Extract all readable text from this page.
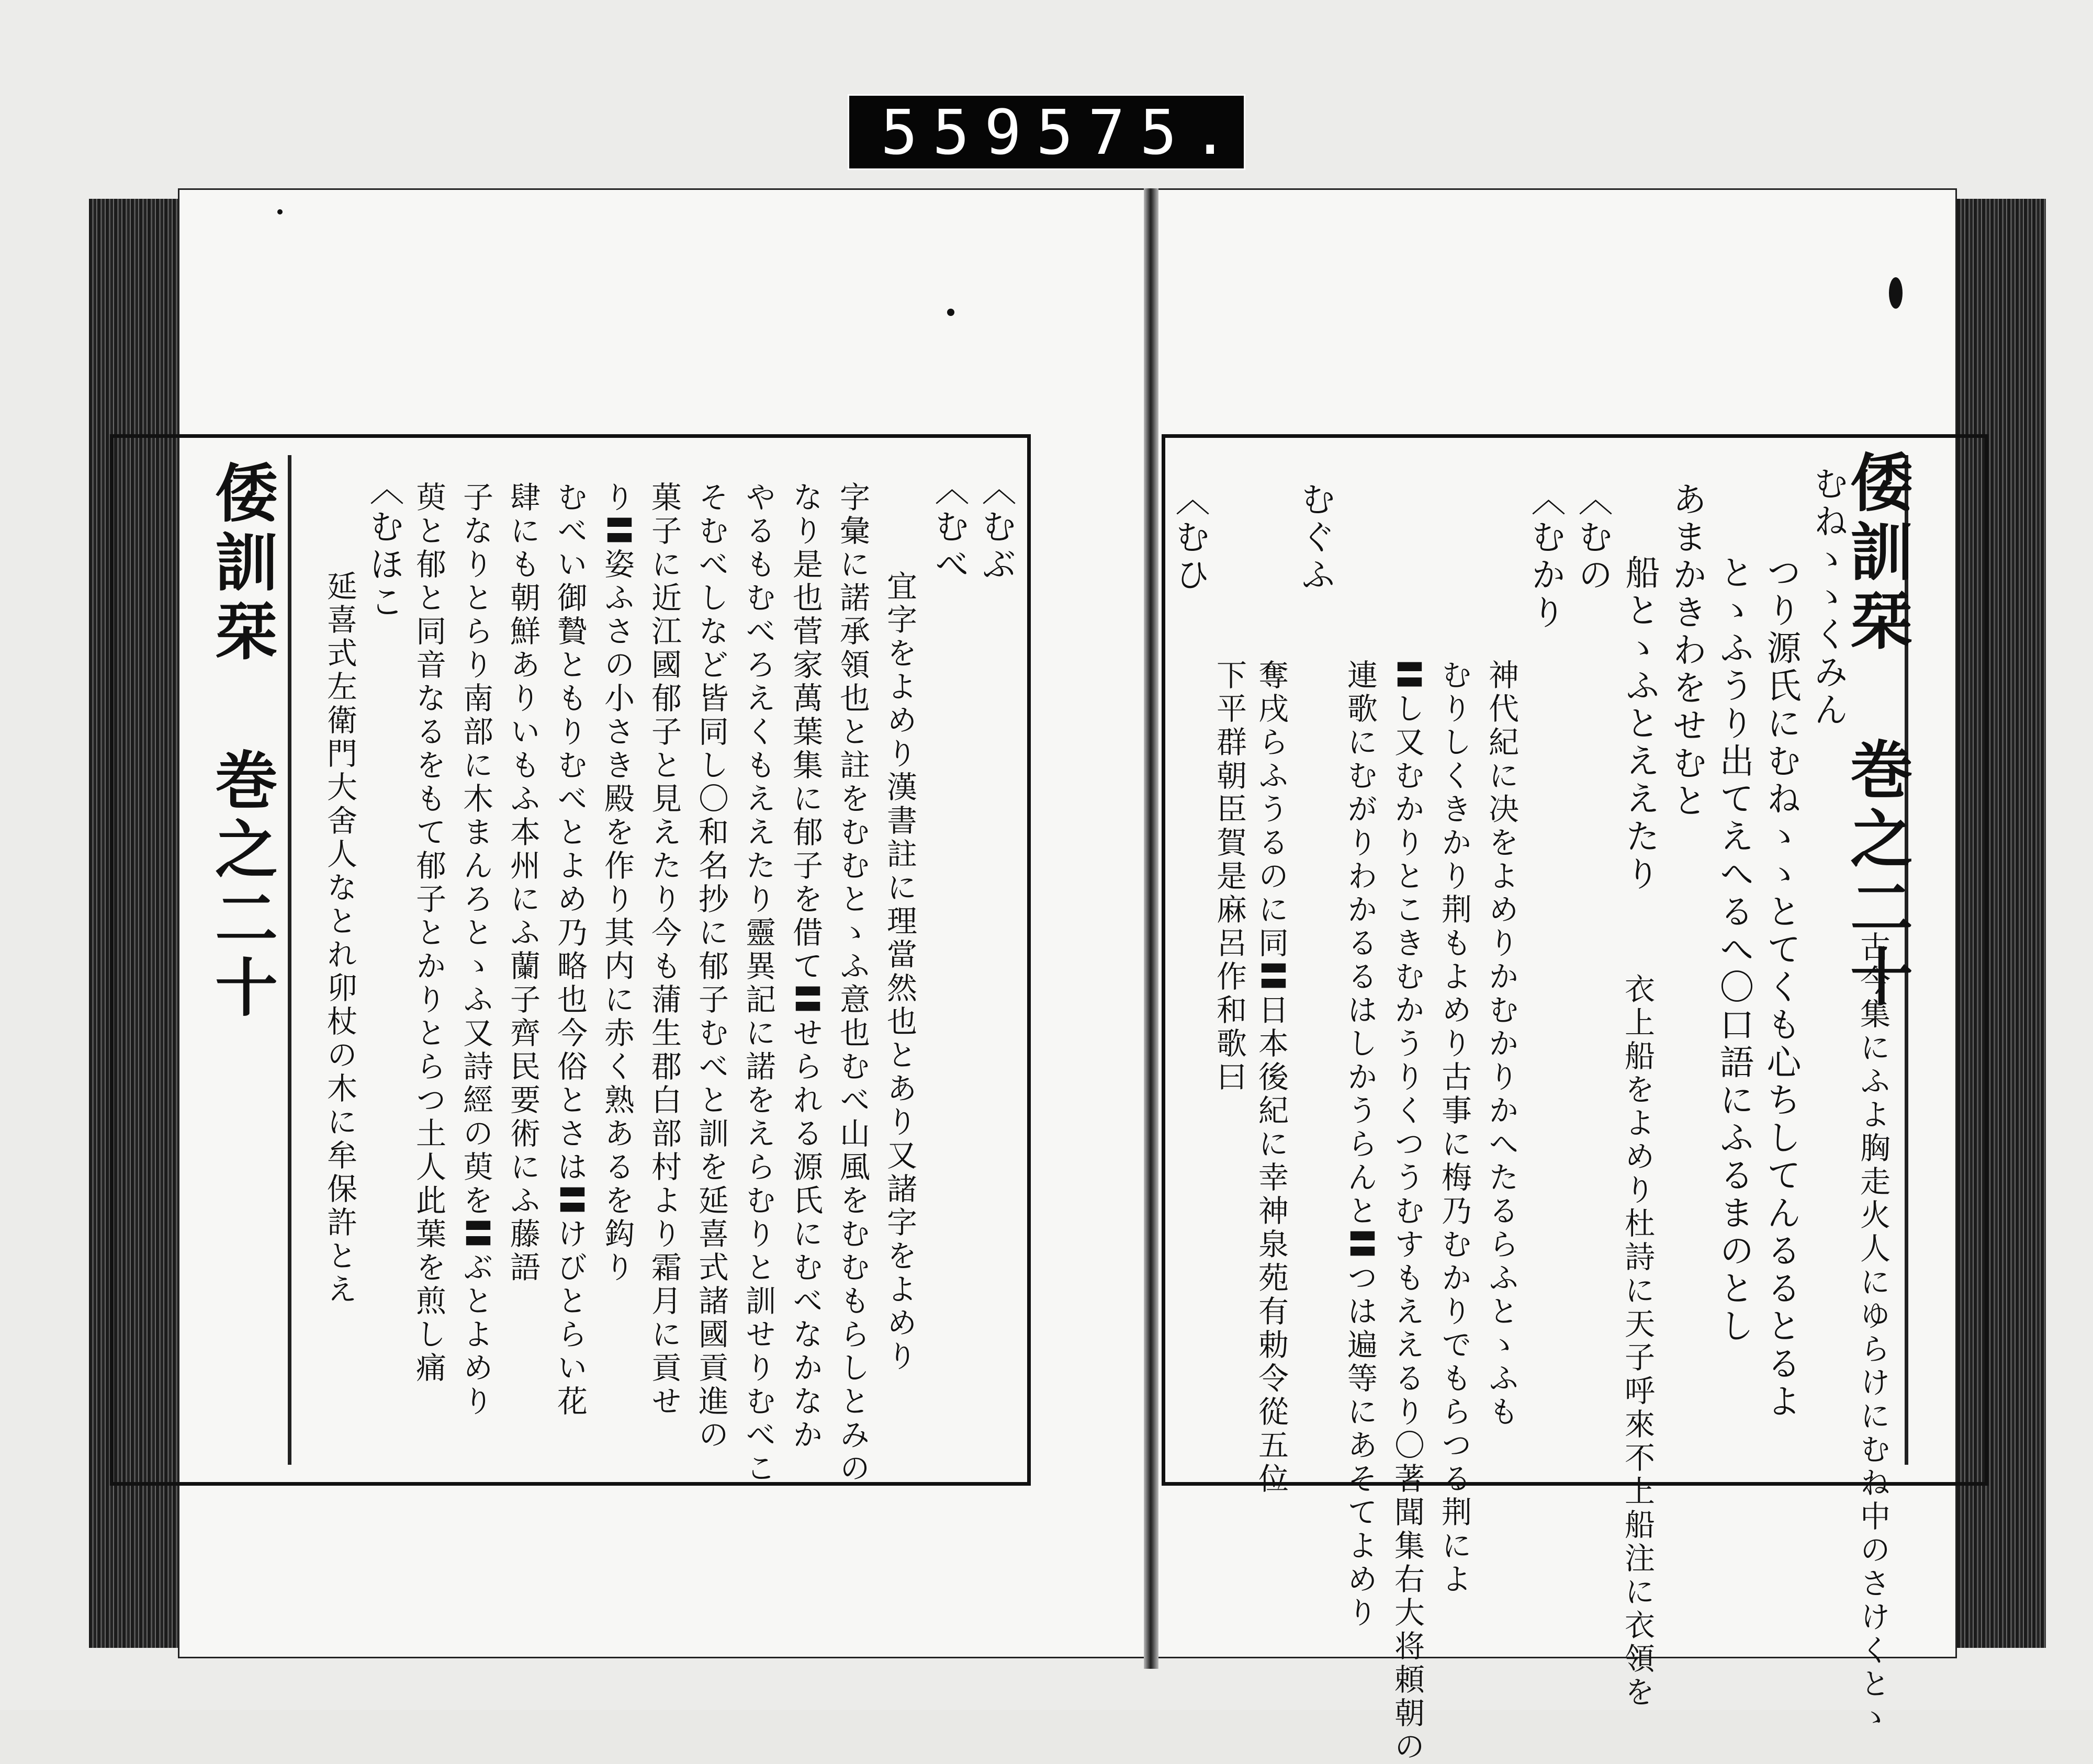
559 575.
倭訓栞 巻之二十
倭訓栞 巻之二十	むねゝゝくみん
つり源氏にむねゝゝとてくも心ちしてんるるとるよ
とゝふうり出てえへるへ〇口語にふるまのとし
あまかきわをせむと
船とゝふとええたり
古今集にふよ胸走火人にゆらけにむね中のさけくとゝ
衣上船をよめり杜詩に天子呼來不上船注に衣領を
〈むの
〈むかり
神代紀に决をよめりかむかりかへたるらふとゝふも
むりしくきかり荆もよめり古事に梅乃むかりでもらつる荆によ
〓し又むかりとこきむかうりくつうむすもええるり〇著聞集右大将頼朝の
連歌にむがりわかるるはしかうらんと〓つは遍等にあそてよめり
むぐふ
奪戌らふうるのに同〓日本後紀に幸神泉苑有勅令從五位
下平群朝臣賀是麻呂作和歌曰
〈むひ
〈むぶ
〈むべ
宜字をよめり漢書註に理當然也とあり又諸字をよめり
字彙に諾承領也と註をむむとゝふ意也むべ山風をむむもらしとみの
なり是也菅家萬葉集に郁子を借て〓せられる源氏にむべなかなか
やるもむべろえくもええたり靈異記に諾をえらむりと訓せりむべこ
そむべしなど皆同し〇和名抄に郁子むべと訓を延喜式諸國貢進の
菓子に近江國郁子と見えたり今も蒲生郡白部村より霜月に貢せ
り〓姿ふさの小さき殿を作り其内に赤く熟あるを鈎り
むべい御贄ともりむべとよめ乃略也今俗とさは〓けびとらい花
肆にも朝鮮ありいもふ本州にふ蘭子齊民要術にふ藤語
子なりとらり南部に木まんろとゝふ又詩經の萸を〓ぶとよめり
萸と郁と同音なるをもて郁子とかりとらつ土人此葉を煎し痛
〈むほこ
延喜式左衛門大舍人なとれ卯杖の木に牟保許とえ
